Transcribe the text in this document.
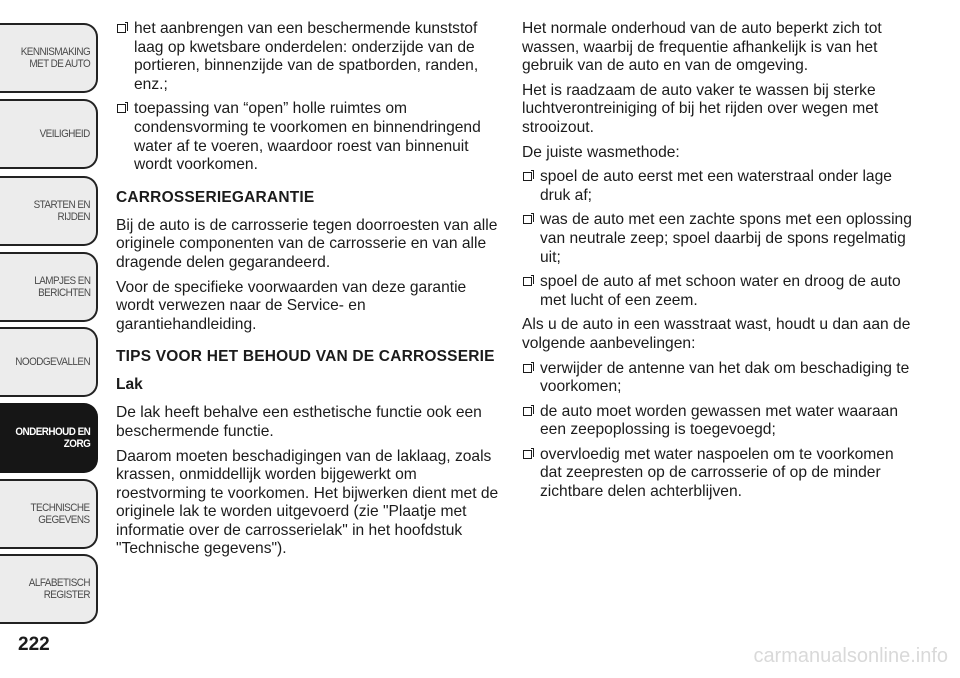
KENNISMAKING
MET DE AUTO
VEILIGHEID
STARTEN EN RIJDEN
LAMPJES EN
BERICHTEN
NOODGEVALLEN
ONDERHOUD EN
ZORG
TECHNISCHE
GEGEVENS
ALFABETISCH
REGISTER
222
het aanbrengen van een beschermende kunststof laag op kwetsbare onderdelen: onderzijde van de portieren, binnenzijde van de spatborden, randen, enz.;
toepassing van “open” holle ruimtes om condensvorming te voorkomen en binnendringend water af te voeren, waardoor roest van binnenuit wordt voorkomen.
CARROSSERIEGARANTIE

Bij de auto is de carrosserie tegen doorroesten van alle originele componenten van de carrosserie en van alle dragende delen gegarandeerd.

Voor de specifieke voorwaarden van deze garantie wordt verwezen naar de Service- en garantiehandleiding.

TIPS VOOR HET BEHOUD VAN DE CARROSSERIE
Lak

De lak heeft behalve een esthetische functie ook een beschermende functie.

Daarom moeten beschadigingen van de laklaag, zoals krassen, onmiddellijk worden bijgewerkt om roestvorming te voorkomen. Het bijwerken dient met de originele lak te worden uitgevoerd (zie "Plaatje met informatie over de carrosserielak" in het hoofdstuk "Technische gegevens").

Het normale onderhoud van de auto beperkt zich tot wassen, waarbij de frequentie afhankelijk is van het gebruik van de auto en van de omgeving.

Het is raadzaam de auto vaker te wassen bij sterke luchtverontreiniging of bij het rijden over wegen met strooizout.

De juiste wasmethode:

spoel de auto eerst met een waterstraal onder lage druk af;
was de auto met een zachte spons met een oplossing van neutrale zeep; spoel daarbij de spons regelmatig uit;
spoel de auto af met schoon water en droog de auto met lucht of een zeem.

Als u de auto in een wasstraat wast, houdt u dan aan de volgende aanbevelingen:

verwijder de antenne van het dak om beschadiging te voorkomen;
de auto moet worden gewassen met water waaraan een zeepoplossing is toegevoegd;
overvloedig met water naspoelen om te voorkomen dat zeepresten op de carrosserie of op de minder zichtbare delen achterblijven.
carmanualsonline.info
